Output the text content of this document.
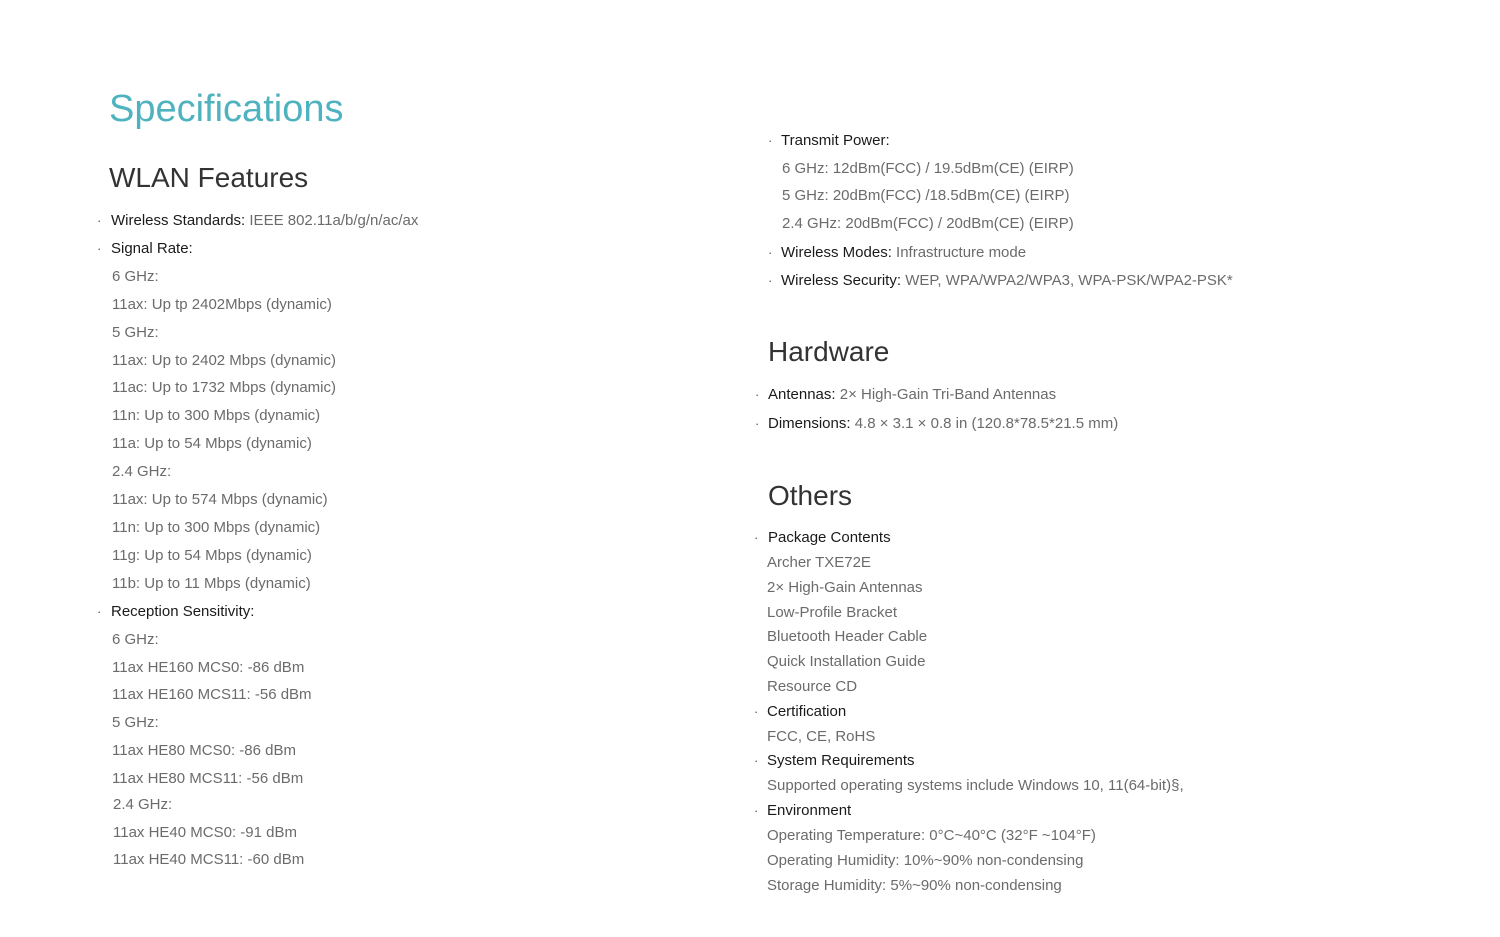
Specifications
WLAN Features
· Wireless Standards: IEEE 802.11a/b/g/n/ac/ax
· Signal Rate:
6 GHz:
11ax: Up tp 2402Mbps (dynamic)
5 GHz:
11ax: Up to 2402 Mbps (dynamic)
11ac: Up to 1732 Mbps (dynamic)
11n: Up to 300 Mbps (dynamic)
11a: Up to 54 Mbps (dynamic)
2.4 GHz:
11ax: Up to 574 Mbps (dynamic)
11n: Up to 300 Mbps (dynamic)
11g: Up to 54 Mbps (dynamic)
11b: Up to 11 Mbps (dynamic)
· Reception Sensitivity:
6 GHz:
11ax HE160 MCS0: -86 dBm
11ax HE160 MCS11: -56 dBm
5 GHz:
11ax HE80 MCS0: -86 dBm
11ax HE80 MCS11: -56 dBm
2.4 GHz:
11ax HE40 MCS0: -91 dBm
11ax HE40 MCS11: -60 dBm
· Transmit Power:
6 GHz: 12dBm(FCC) / 19.5dBm(CE) (EIRP)
5 GHz: 20dBm(FCC) /18.5dBm(CE) (EIRP)
2.4 GHz: 20dBm(FCC) / 20dBm(CE) (EIRP)
· Wireless Modes: Infrastructure mode
· Wireless Security: WEP, WPA/WPA2/WPA3, WPA-PSK/WPA2-PSK*
Hardware
· Antennas: 2× High-Gain Tri-Band Antennas
· Dimensions: 4.8 × 3.1 × 0.8 in (120.8*78.5*21.5 mm)
Others
· Package Contents
Archer TXE72E
2× High-Gain Antennas
Low-Profile Bracket
Bluetooth Header Cable
Quick Installation Guide
Resource CD
· Certification
FCC, CE, RoHS
· System Requirements
Supported operating systems include Windows 10, 11(64-bit)§,
· Environment
Operating Temperature: 0°C~40°C (32°F ~104°F)
Operating Humidity: 10%~90% non-condensing
Storage Humidity: 5%~90% non-condensing
